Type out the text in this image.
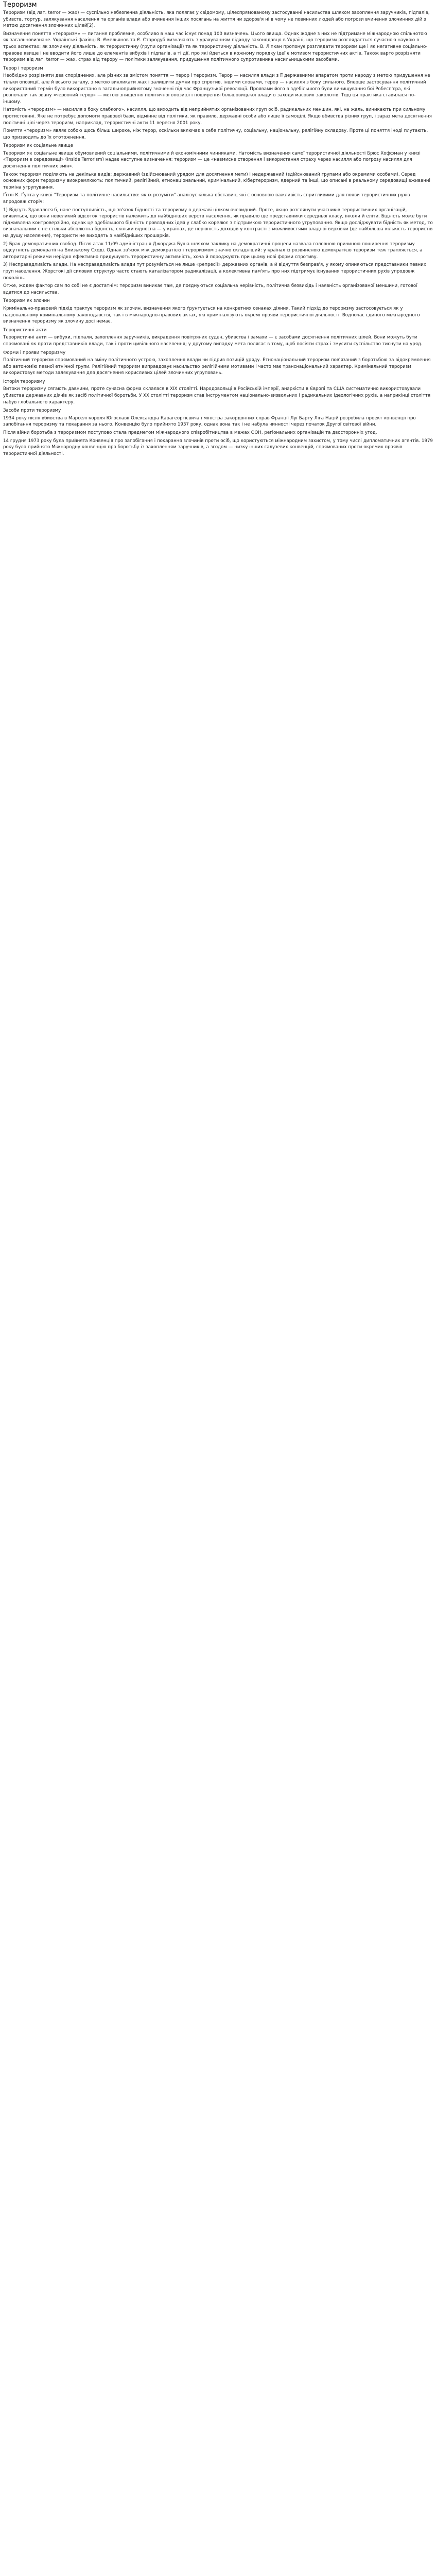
Тероризм

Тероризм (від лат. terror — жах) — суспільно небезпечна діяльність, яка полягає у свідомому, цілеспрямованому застосуванні насильства шляхом захоплення заручників, підпалів, убивств, тортур, залякування населення та органів влади або вчинення інших посягань на життя чи здоров'я ні в чому не повинних людей або погрози вчинення злочинних дій з метою досягнення злочинних цілей[2].

Визначення поняття «тероризм» — питання проблемне, особливо в наш час існує понад 100 визначень. Цього явища. Однак жодне з них не підтримане міжнародною спільнотою як загальновизнане. Українські фахівці В. Ємельянов та Є. Стародуб визначають з урахуванням підходу законодавця в Україні, що тероризм розглядається сучасною наукою в трьох аспектах: як злочинну діяльність, як терористичну (групи організації) та як терористичну діяльність. В. Ліпкан пропонує розглядати тероризм ще і як негативне соціально-правове явище і не вводити його лише до елементів вибухів і підпалів, а ті дії, про які йдеться в кожному порядку ідеї є мотивом терористичних актів. Також варто розрізняти тероризм від лат. terror — жах, страх від терору — політики залякування, придушення політичного супротивника насильницькими засобами.

Терор і тероризм

Необхідно розрізняти два споріднених, але різних за змістом поняття — терор і тероризм. Терор — насилля влади з її державними апаратом проти народу з метою придушення не тільки опозиції, але й всього загалу, з метою викликати жах і залишити думки про спротив, іншими словами, терор — насилля з боку сильного. Вперше застосування політичний використаний термін було використано в загальноприйнятому значенні під час Французької революції. Проявами його в здебільшого були винищування бої Робесп'єра, які розпочали так звану «червоний терор» — метою знищення політичної опозиції і поширення більшовицької влади в заходи масових заколотів. Тоді ця практика ставилася по-іншому.

Натомість «тероризм» — насилля з боку слабкого», насилля, що виходить від неприйнятих організованих груп осіб, радикальних меншин, які, на жаль, виникають при сильному протистоянні. Яке не потребує допомоги правової бази, відмінне від політики, як правило, державні особи або лише її самоцілі. Якщо вбивства різних груп, і зараз мета досягнення політичні цілі через тероризм, наприклад, терористичні акти 11 вересня 2001 року.

Поняття «тероризм» являє собою щось більш широке, ніж терор, оскільки включає в себе політичну, соціальну, національну, релігійну складову. Проте ці поняття іноді плутають, що призводить до їх ототожнення.

Тероризм як соціальне явище

Тероризм як соціальне явище обумовлений соціальними, політичними й економічними чинниками. Натомість визначення самої терористичної діяльності Брюс Хоффман у книзі «Тероризм в середовищі» (Inside Terrorism) надає наступне визначення: тероризм — це «навмисне створення і використання страху через насилля або погрозу насилля для досягнення політичних змін».

Також тероризм поділяють на декілька видів: державний (здійснюваний урядом для досягнення мети) і недержавний (здійснюваний групами або окремими особами). Серед основних форм тероризму виокремлюють: політичний, релігійний, етнонаціональний, кримінальний, кібертероризм, ядерний та інші, що описані в реальному середовищі вживанні терміна угрупування.

Ґітлі К. Ґупта у книзі "Тероризм та політичне насильство: як їх розуміти" аналізує кілька обставин, які є основною важливість спритливими для появи терористичних рухів впродовж сторіч:

1) Відсуть Здавалося б, наче поступливість, що зв'язок бідності та тероризму в державі цілком очевидний. Проте, якщо розглянути учасників терористичних організацій, виявиться, що вони невеликий відсоток терористів належить до найбідніших верств населення, як правило ще представники середньої класу, інколи й еліти. Бідність може бути підживлена контроверзійно, однак це здебільшого бідність провладних ідей у слабко корелює з підтримкою терористичного угруповання. Якщо досліджувати бідність як метод, то визначальним є не стільки абсолютна бідність, скільки відносна — у країнах, де нерівність доходів у контрасті з можливостями владної верхівки (де найбільша кількість терористів на душу населення), терористи не виходять з найбідніших прошарків.

2) Брак демократичних свобод. Після атак 11/09 адміністрація Джорджа Буша шляхом заклику на демократичні процеси назвала головною причиною поширення тероризму відсутність демократії на Близькому Сході. Однак зв'язок між демократією і тероризмом значно складніший: у країнах із розвиненою демократією тероризм теж трапляється, а авторитарні режими нерідко ефективно придушують терористичну активність, хоча й породжують при цьому нові форми спротиву.

3) Несправедливість влади. На несправедливість влади тут розуміється не лише «репресії» державних органів, а й відчуття безправ'я, у якому опиняються представники певних груп населення. Жорстокі дії силових структур часто стають каталізатором радикалізації, а колективна пам'ять про них підтримує існування терористичних рухів упродовж поколінь.

Отже, жоден фактор сам по собі не є достатнім: тероризм виникає там, де поєднуються соціальна нерівність, політична безвихідь і наявність організованої меншини, готової вдатися до насильства.

Тероризм як злочин

Кримінально-правовий підхід трактує тероризм як злочин, визначення якого ґрунтується на конкретних ознаках діяння. Такий підхід до тероризму застосовується як у національному кримінальному законодавстві, так і в міжнародно-правових актах, які криміналізують окремі прояви терористичної діяльності. Водночас єдиного міжнародного визначення тероризму як злочину досі немає.

Терористичні акти

Терористичні акти — вибухи, підпали, захоплення заручників, викрадення повітряних суден, убивства і замахи — є засобами досягнення політичних цілей. Вони можуть бути спрямовані як проти представників влади, так і проти цивільного населення; у другому випадку мета полягає в тому, щоб посіяти страх і змусити суспільство тиснути на уряд.

Форми і прояви тероризму

Політичний тероризм спрямований на зміну політичного устрою, захоплення влади чи підрив позицій уряду. Етнонаціональний тероризм пов'язаний з боротьбою за відокремлення або автономію певної етнічної групи. Релігійний тероризм виправдовує насильство релігійними мотивами і часто має транснаціональний характер. Кримінальний тероризм використовує методи залякування для досягнення корисливих цілей злочинних угруповань.

Історія тероризму

Витоки тероризму сягають давнини, проте сучасна форма склалася в XIX столітті. Народовольці в Російській імперії, анархісти в Європі та США систематично використовували убивства державних діячів як засіб політичної боротьби. У XX столітті тероризм став інструментом національно-визвольних і радикальних ідеологічних рухів, а наприкінці століття набув глобального характеру.

Засоби проти тероризму

1934 року після вбивства в Марселі короля Югославії Олександра Карагеоргієвича і міністра закордонних справ Франції Луї Барту Ліга Націй розробила проект конвенції про запобігання тероризму та покарання за нього. Конвенцію було прийнято 1937 року, однак вона так і не набула чинності через початок Другої світової війни.

Після війни боротьба з тероризмом поступово стала предметом міжнародного співробітництва в межах ООН, регіональних організацій та двосторонніх угод.

14 грудня 1973 року була прийнята Конвенція про запобігання і покарання злочинів проти осіб, що користуються міжнародним захистом, у тому числі дипломатичних агентів. 1979 року було прийнято Міжнародну конвенцію про боротьбу із захопленням заручників, а згодом — низку інших галузевих конвенцій, спрямованих проти окремих проявів терористичної діяльності.
